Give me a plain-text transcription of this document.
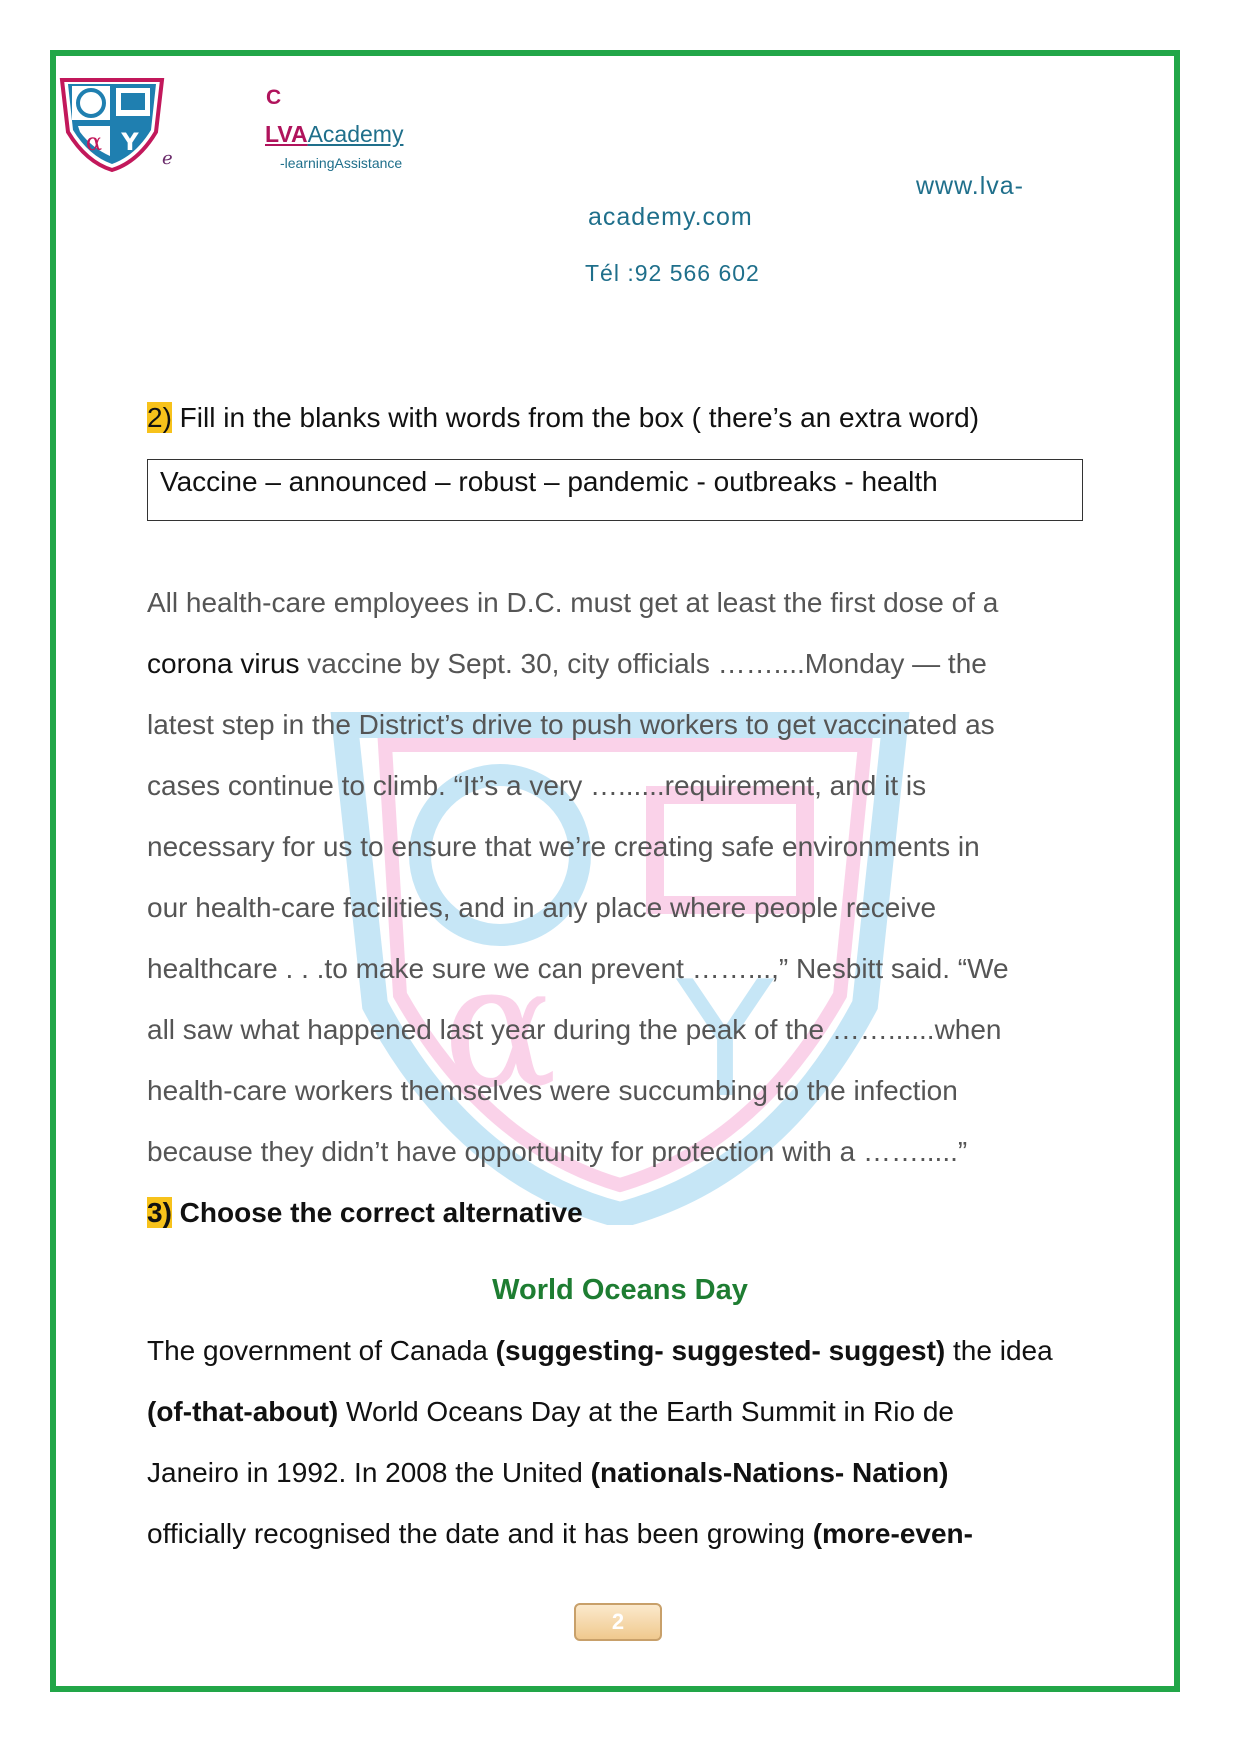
α Y
α Y
e
C
LVAAcademy
-learningAssistance
www.lva-
academy.com
Tél :92 566 602
2) Fill in the blanks with words from the box ( there’s an extra word)
Vaccine – announced – robust – pandemic - outbreaks - health
All health-care employees in D.C. must get at least the first dose of a
corona virus vaccine by Sept. 30, city officials ……....Monday — the
latest step in the District’s drive to push workers to get vaccinated as
cases continue to climb. “It’s a very …......requirement, and it is
necessary for us to ensure that we’re creating safe environments in
our health-care facilities, and in any place where people receive
healthcare . . .to make sure we can prevent ……...,” Nesbitt said. “We
all saw what happened last year during the peak of the ……......when
health-care workers themselves were succumbing to the infection
because they didn’t have opportunity for protection with a …….....”
3) Choose the correct alternative
World Oceans Day
The government of Canada (suggesting- suggested- suggest) the idea
(of-that-about) World Oceans Day at the Earth Summit in Rio de
Janeiro in 1992. In 2008 the United (nationals-Nations- Nation)
officially recognised the date and it has been growing (more-even-
2
